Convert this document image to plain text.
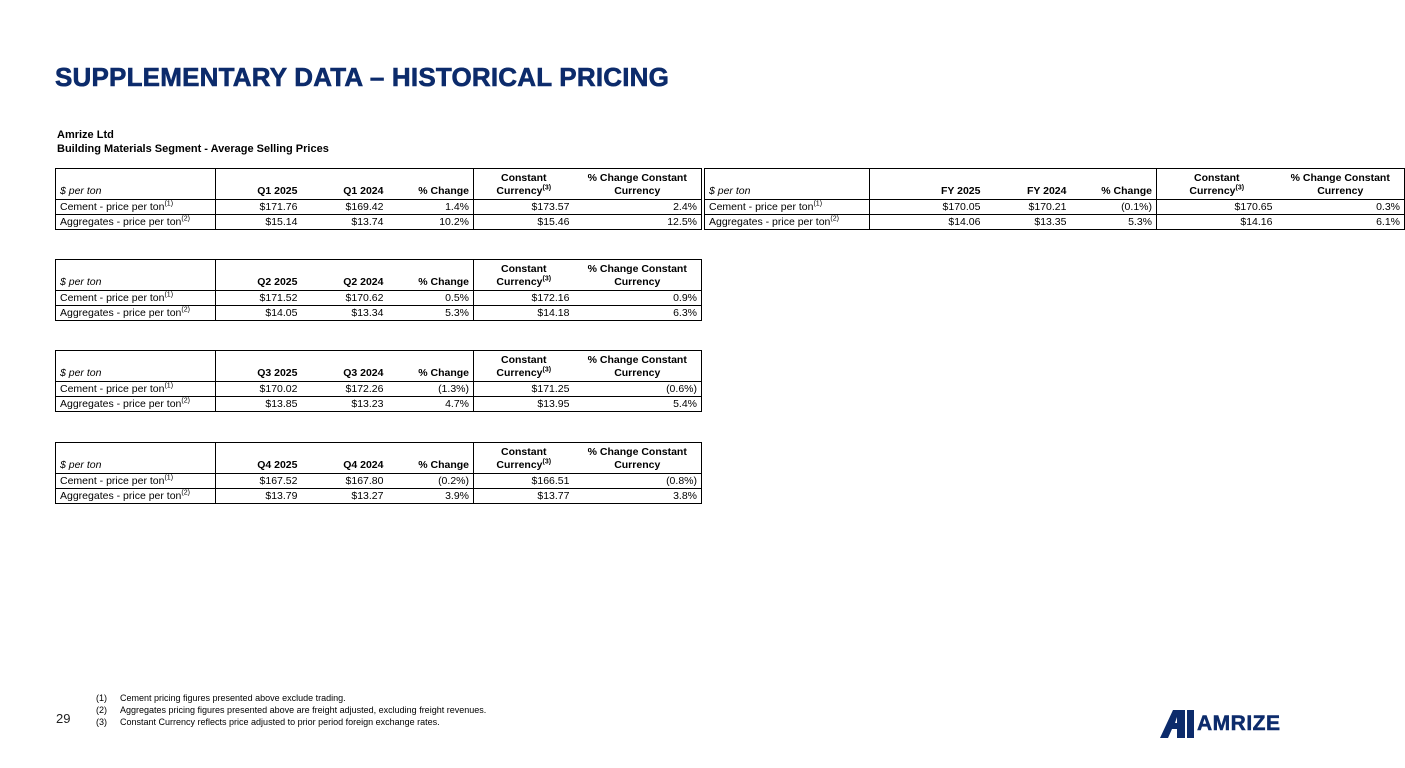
SUPPLEMENTARY DATA – HISTORICAL PRICING
Amrize Ltd
Building Materials Segment - Average Selling Prices
				Constant	% Change Constant
$ per ton	Q1 2025	Q1 2024	% Change	Currency$^{(3)}$	Currency
Cement - price per ton$^{(1)}$	$171.76	$169.42	1.4%	$173.57	2.4%
Aggregates - price per ton$^{(2)}$	$15.14	$13.74	10.2%	$15.46	12.5%
				Constant	% Change Constant
$ per ton	Q2 2025	Q2 2024	% Change	Currency$^{(3)}$	Currency
Cement - price per ton$^{(1)}$	$171.52	$170.62	0.5%	$172.16	0.9%
Aggregates - price per ton$^{(2)}$	$14.05	$13.34	5.3%	$14.18	6.3%
				Constant	% Change Constant
$ per ton	Q3 2025	Q3 2024	% Change	Currency$^{(3)}$	Currency
Cement - price per ton$^{(1)}$	$170.02	$172.26	(1.3%)	$171.25	(0.6%)
Aggregates - price per ton$^{(2)}$	$13.85	$13.23	4.7%	$13.95	5.4%
				Constant	% Change Constant
$ per ton	Q4 2025	Q4 2024	% Change	Currency$^{(3)}$	Currency
Cement - price per ton$^{(1)}$	$167.52	$167.80	(0.2%)	$166.51	(0.8%)
Aggregates - price per ton$^{(2)}$	$13.79	$13.27	3.9%	$13.77	3.8%
				Constant	% Change Constant
$ per ton	FY 2025	FY 2024	% Change	Currency$^{(3)}$	Currency
Cement - price per ton$^{(1)}$	$170.05	$170.21	(0.1%)	$170.65	0.3%
Aggregates - price per ton$^{(2)}$	$14.06	$13.35	5.3%	$14.16	6.1%
(1)	Cement pricing figures presented above exclude trading.
(2)	Aggregates pricing figures presented above are freight adjusted, excluding freight revenues.
(3)	Constant Currency reflects price adjusted to prior period foreign exchange rates.
29	AMRIZE
